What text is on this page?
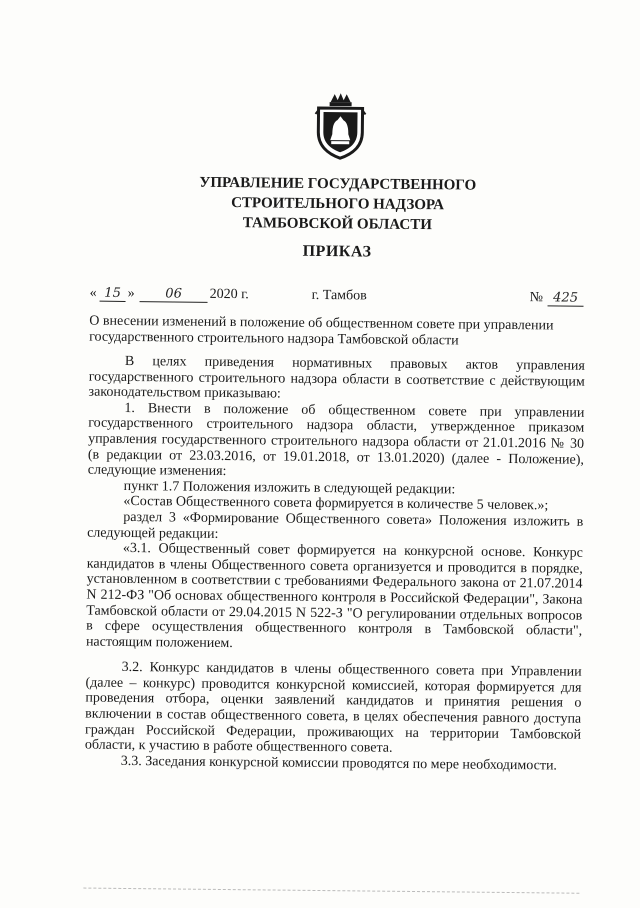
УПРАВЛЕНИЕ ГОСУДАРСТВЕННОГО
СТРОИТЕЛЬНОГО НАДЗОРА
ТАМБОВСКОЙ ОБЛАСТИ
ПРИКАЗ
« 15 »	06	2020 г.	г. Тамбов	№ 425
О внесении изменений в положение об общественном совете при управлении государственного строительного надзора Тамбовской области

В целях приведения нормативных правовых актов управления государственного строительного надзора области в соответствие с действующим законодательством приказываю:

1. Внести в положение об общественном совете при управлении государственного строительного надзора области, утвержденное приказом управления государственного строительного надзора области от 21.01.2016 № 30 (в редакции от 23.03.2016, от 19.01.2018, от 13.01.2020) (далее - Положение), следующие изменения:

пункт 1.7 Положения изложить в следующей редакции:

«Состав Общественного совета формируется в количестве 5 человек.»;

раздел 3 «Формирование Общественного совета» Положения изложить в следующей редакции:

«3.1. Общественный совет формируется на конкурсной основе. Конкурс кандидатов в члены Общественного совета организуется и проводится в порядке, установленном в соответствии с требованиями Федерального закона от 21.07.2014 N 212-ФЗ "Об основах общественного контроля в Российской Федерации", Закона Тамбовской области от 29.04.2015 N 522-З "О регулировании отдельных вопросов в сфере осуществления общественного контроля в Тамбовской области", настоящим положением.

3.2. Конкурс кандидатов в члены общественного совета при Управлении (далее – конкурс) проводится конкурсной комиссией, которая формируется для проведения отбора, оценки заявлений кандидатов и принятия решения о включении в состав общественного совета, в целях обеспечения равного доступа граждан Российской Федерации, проживающих на территории Тамбовской области, к участию в работе общественного совета.

3.3. Заседания конкурсной комиссии проводятся по мере необходимости.
